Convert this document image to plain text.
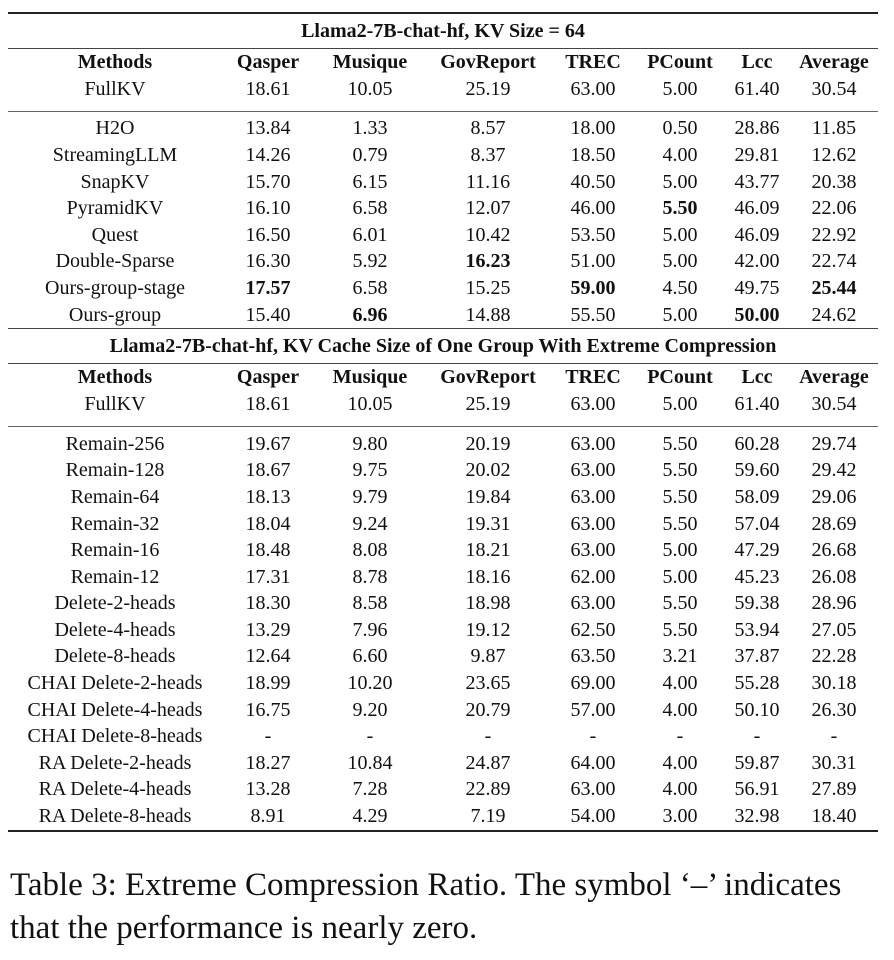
Llama2-7B-chat-hf, KV Size = 64							
Methods	Qasper	Musique	GovReport	TREC	PCount	Lcc	Average
FullKV	18.61	10.05	25.19	63.00	5.00	61.40	30.54

H2O	13.84	1.33	8.57	18.00	0.50	28.86	11.85
StreamingLLM	14.26	0.79	8.37	18.50	4.00	29.81	12.62
SnapKV	15.70	6.15	11.16	40.50	5.00	43.77	20.38
PyramidKV	16.10	6.58	12.07	46.00	5.50	46.09	22.06
Quest	16.50	6.01	10.42	53.50	5.00	46.09	22.92
Double-Sparse	16.30	5.92	16.23	51.00	5.00	42.00	22.74
Ours-group-stage	17.57	6.58	15.25	59.00	4.50	49.75	25.44
Ours-group	15.40	6.96	14.88	55.50	5.00	50.00	24.62
Llama2-7B-chat-hf, KV Cache Size of One Group With Extreme Compression							
Methods	Qasper	Musique	GovReport	TREC	PCount	Lcc	Average
FullKV	18.61	10.05	25.19	63.00	5.00	61.40	30.54

Remain-256	19.67	9.80	20.19	63.00	5.50	60.28	29.74
Remain-128	18.67	9.75	20.02	63.00	5.50	59.60	29.42
Remain-64	18.13	9.79	19.84	63.00	5.50	58.09	29.06
Remain-32	18.04	9.24	19.31	63.00	5.50	57.04	28.69
Remain-16	18.48	8.08	18.21	63.00	5.00	47.29	26.68
Remain-12	17.31	8.78	18.16	62.00	5.00	45.23	26.08
Delete-2-heads	18.30	8.58	18.98	63.00	5.50	59.38	28.96
Delete-4-heads	13.29	7.96	19.12	62.50	5.50	53.94	27.05
Delete-8-heads	12.64	6.60	9.87	63.50	3.21	37.87	22.28
CHAI Delete-2-heads	18.99	10.20	23.65	69.00	4.00	55.28	30.18
CHAI Delete-4-heads	16.75	9.20	20.79	57.00	4.00	50.10	26.30
CHAI Delete-8-heads	-	-	-	-	-	-	-
RA Delete-2-heads	18.27	10.84	24.87	64.00	4.00	59.87	30.31
RA Delete-4-heads	13.28	7.28	22.89	63.00	4.00	56.91	27.89
RA Delete-8-heads	8.91	4.29	7.19	54.00	3.00	32.98	18.40
Table 3: Extreme Compression Ratio. The symbol ‘–’ indicates that the performance is nearly zero.
